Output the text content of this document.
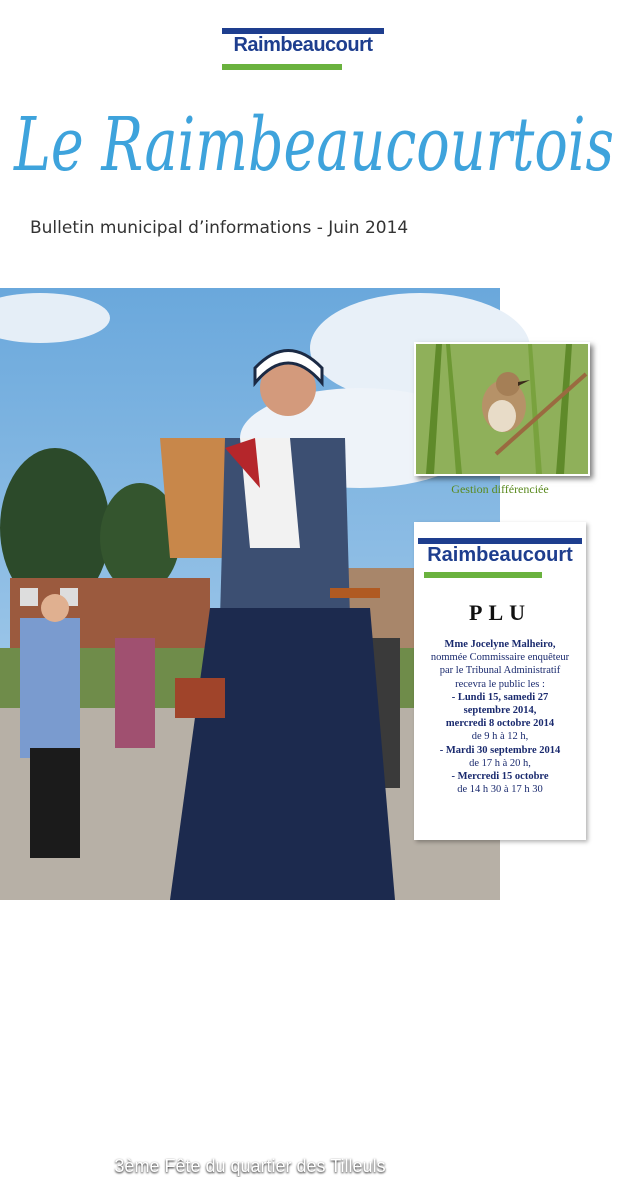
Raimbeaucourt
Le Raimbeaucourtois
Bulletin municipal d’informations - Juin 2014
3ème Fête du quartier des Tilleuls
Gestion différenciée
Raimbeaucourt
PLU
Mme Jocelyne Malheiro,
nommée Commissaire enquêteur
par le Tribunal Administratif
recevra le public les :
- Lundi 15, samedi 27
septembre 2014,
mercredi 8 octobre 2014
de 9 h à 12 h,
- Mardi 30 septembre 2014
de 17 h à 20 h,
- Mercredi 15 octobre
de 14 h 30 à 17 h 30
